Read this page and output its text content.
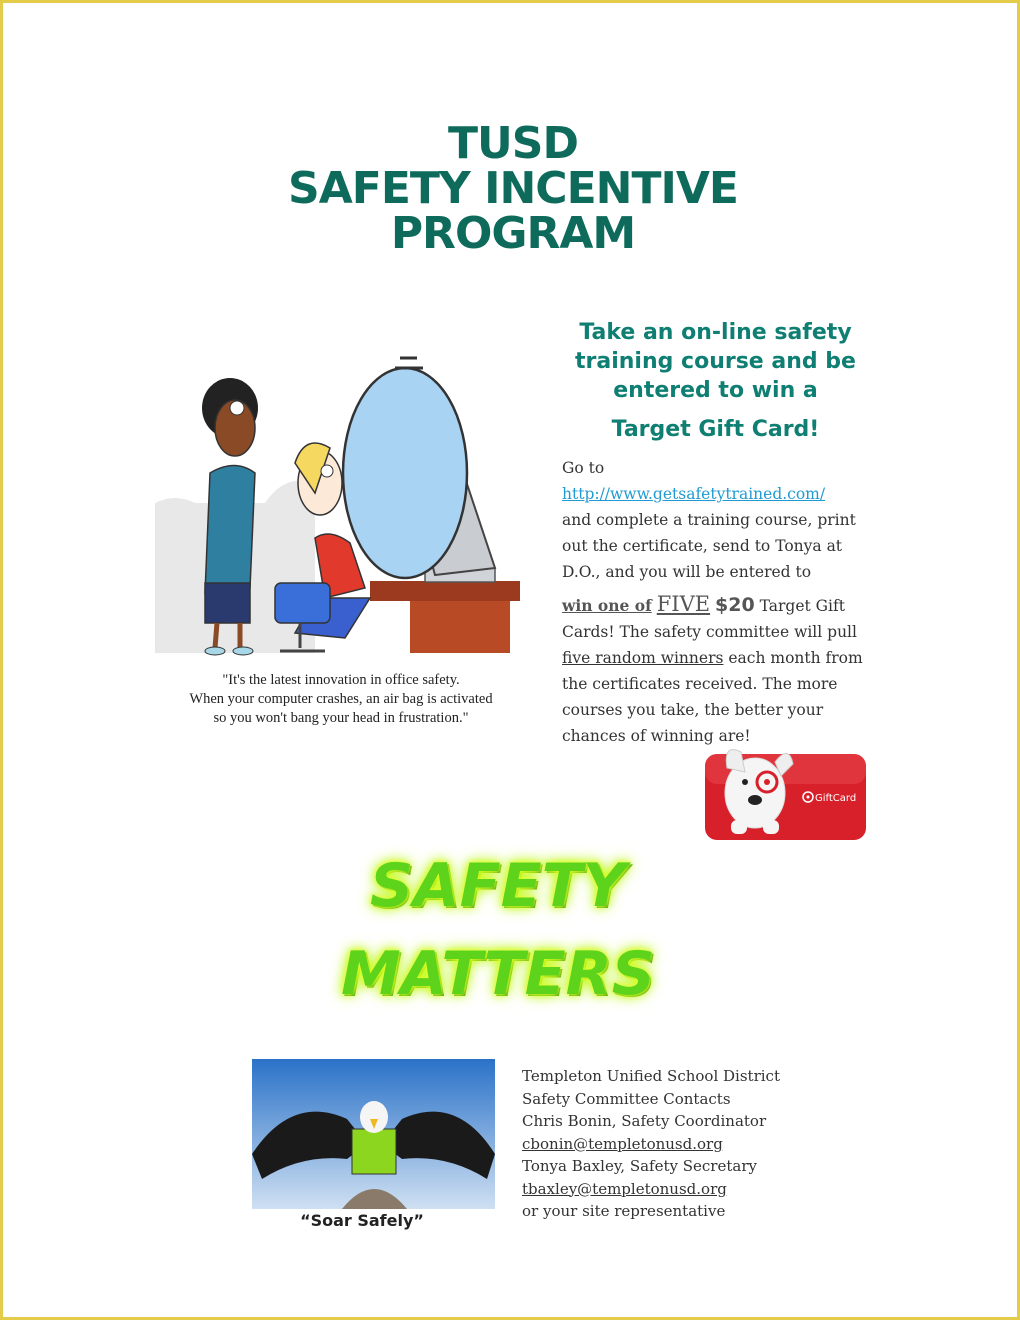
TUSD
SAFETY INCENTIVE
PROGRAM
"It's the latest innovation in office safety.
When your computer crashes, an air bag is activated
so you won't bang your head in frustration."
Take an on-line safety
training course and be
entered to win a
Target Gift Card!
Go to http://www.getsafetytrained.com/
and complete a training course, print
out the certificate, send to Tonya at
D.O., and you will be entered to
win one of FIVE $20 Target Gift
Cards! The safety committee will pull
five random winners each month from
the certificates received. The more
courses you take, the better your
chances of winning are!
GiftCard
SAFETY
MATTERS
“Soar Safely”
Templeton Unified School District
Safety Committee Contacts
Chris Bonin, Safety Coordinator
cbonin@templetonusd.org
Tonya Baxley, Safety Secretary
tbaxley@templetonusd.org
or your site representative
